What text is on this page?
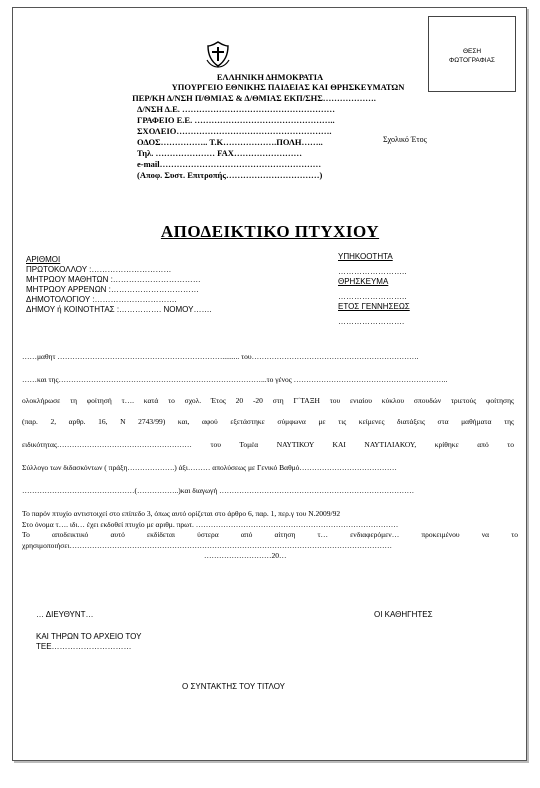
ΘΕΣΗ
ΦΩΤΟΓΡΑΦΙΑΣ
ΕΛΛΗΝΙΚΗ ΔΗΜΟΚΡΑΤΙΑ
ΥΠΟΥΡΓΕΙΟ ΕΘΝΙΚΗΣ ΠΑΙΔΕΙΑΣ ΚΑΙ ΘΡΗΣΚΕΥΜΑΤΩΝ
ΠΕΡ/ΚΗ Δ/ΝΣΗ Π/ΘΜΙΑΣ & Δ/ΘΜΙΑΣ ΕΚΠ/ΣΗΣ……………….
Δ/ΝΣΗ Δ.Ε. ………………………………………………
ΓΡΑΦΕΙΟ Ε.Ε. …………………………………………..
ΣΧΟΛΕΙΟ……………………………………………….
ΟΔΟΣ…………….. Τ.Κ……………….ΠΟΛΗ……..
Τηλ. ………………… FAX……………………
e-mail…………………………………………………
(Αποφ. Συστ. Επιτροπής……………………………)
Σχολικό Έτος
ΑΠΟΔΕΙΚΤΙΚΟ ΠΤΥΧΙΟΥ
ΑΡΙΘΜΟΙ
ΠΡΩΤΟΚΟΛΛΟΥ :…………………………
ΜΗΤΡΩΟΥ ΜΑΘΗΤΩΝ :……………………………
ΜΗΤΡΩΟΥ ΑΡΡΕΝΩΝ :……………………………
ΔΗΜΟΤΟΛΟΓΙΟΥ :………………………….
ΔΗΜΟΥ ή ΚΟΙΝΟΤΗΤΑΣ :……………. ΝΟΜΟΥ…….
ΥΠΗΚΟΟΤΗΤΑ
……………………..
ΘΡΗΣΚΕΥΜΑ
……………………..
ΕΤΟΣ ΓΕΝΝΗΣΕΩΣ
…………………….
……μαθητ …………………………………………………………......... του………………………………………………………….
……και της………………………………………………………………………...το γένος ……………………………………………………..
ολοκλήρωσε τη φοίτησή τ…. κατά το σχολ. Έτος 20 -20 στη Γ΄ΤΑΞΗ του ενιαίου κύκλου σπουδών τριετούς φοίτησης
(παρ. 2, αρθρ. 16, Ν 2743/99) και, αφού εξετάστηκε σύμφωνα με τις κείμενες διατάξεις στα μαθήματα της
ειδικότητας……………………………………………… του Τομέα ΝΑΥΤΙΚΟΥ ΚΑΙ ΝΑΥΤΙΛΙΑΚΟΥ, κρίθηκε από το
Σύλλογο των διδασκόντων ( πράξη……………….) άξι……… απολύσεως με Γενικό Βαθμό…………………………………
………………………………………(……………..)και διαγωγή ……………………………………………………………………
Το παρόν πτυχίο αντιστοιχεί στο επίπεδο 3, όπως αυτό ορίζεται στο άρθρο 6, παρ. 1, περ.γ του Ν.2009/92
Στο όνομα τ…. ιδι… έχει εκδοθεί πτυχίο με αριθμ. πρωτ. ………………………………………………………………………
Το αποδεικτικό αυτό εκδίδεται ύστερα από αίτηση τ… ενδιαφερόμεν… προκειμένου να το
χρησιμοποιήσει…………………………………………………………………………………………………………………
………………………20…
… ΔΙΕΥΘΥΝΤ…	ΟΙ ΚΑΘΗΓΗΤΕΣ
ΚΑΙ ΤΗΡΩΝ ΤΟ ΑΡΧΕΙΟ ΤΟΥ
ΤΕΕ…………………………
Ο ΣΥΝΤΑΚΤΗΣ ΤΟΥ ΤΙΤΛΟΥ
